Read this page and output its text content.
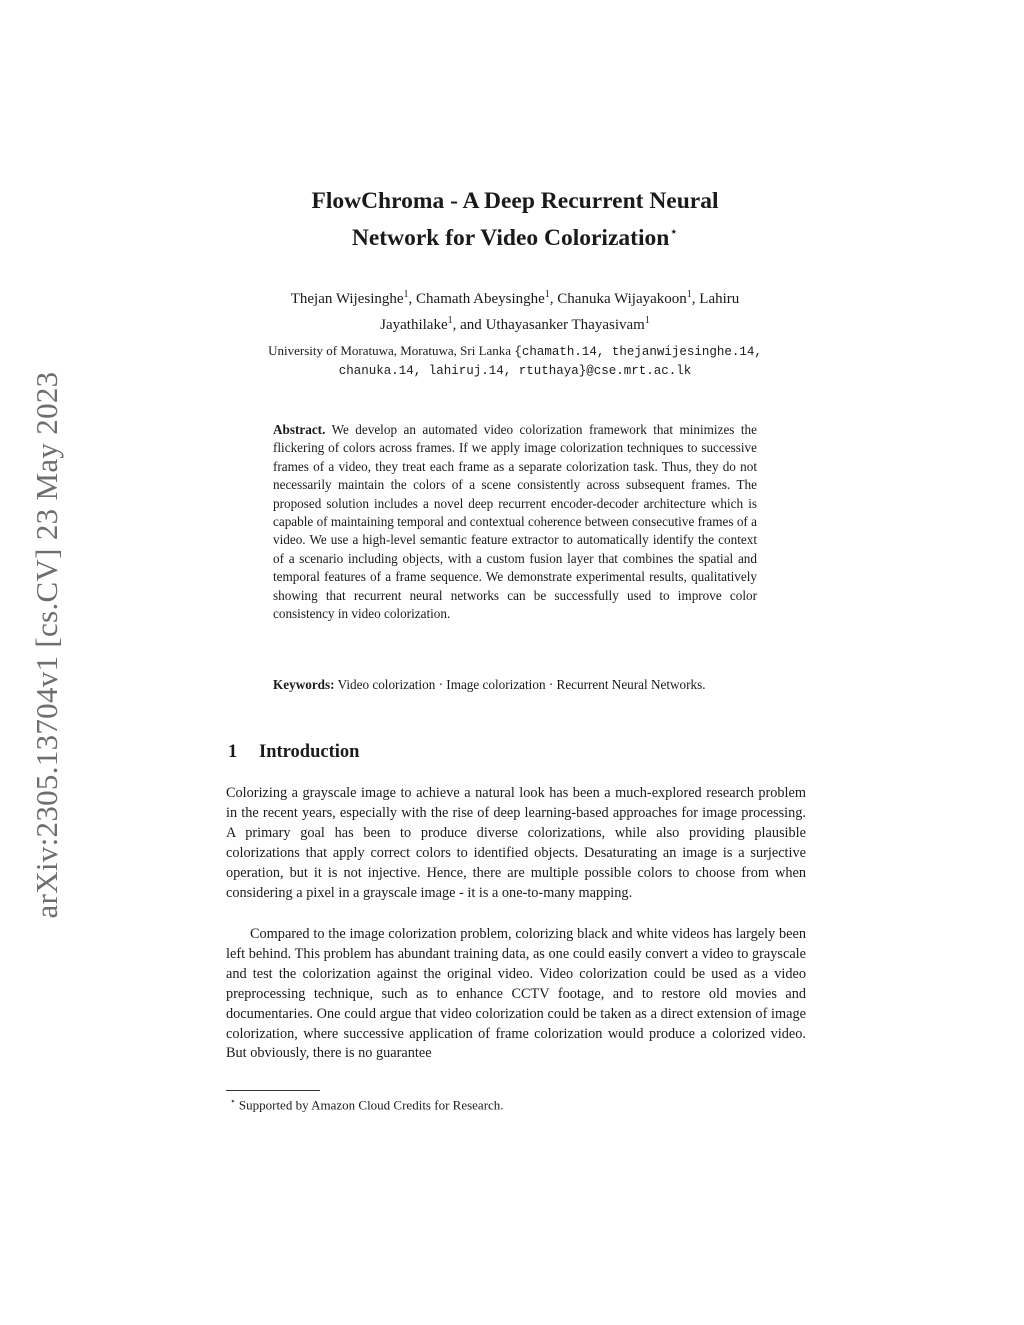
arXiv:2305.13704v1 [cs.CV] 23 May 2023
FlowChroma - A Deep Recurrent Neural
Network for Video Colorization⋆
Thejan Wijesinghe$^1$, Chamath Abeysinghe$^1$, Chanuka Wijayakoon$^1$, Lahiru
Jayathilake$^1$, and Uthayasanker Thayasivam$^1$
University of Moratuwa, Moratuwa, Sri Lanka {chamath.14, thejanwijesinghe.14,
chanuka.14, lahiruj.14, rtuthaya}@cse.mrt.ac.lk
Abstract. We develop an automated video colorization framework that minimizes the flickering of colors across frames. If we apply image colorization techniques to successive frames of a video, they treat each frame as a separate colorization task. Thus, they do not necessarily maintain the colors of a scene consistently across subsequent frames. The proposed solution includes a novel deep recurrent encoder-decoder architecture which is capable of maintaining temporal and contextual coherence between consecutive frames of a video. We use a high-level semantic feature extractor to automatically identify the context of a scenario including objects, with a custom fusion layer that combines the spatial and temporal features of a frame sequence. We demonstrate experimental results, qualitatively showing that recurrent neural networks can be successfully used to improve color consistency in video colorization.
Keywords: Video colorization · Image colorization · Recurrent Neural Networks.
1 Introduction
Colorizing a grayscale image to achieve a natural look has been a much-explored research problem in the recent years, especially with the rise of deep learning-based approaches for image processing. A primary goal has been to produce diverse colorizations, while also providing plausible colorizations that apply correct colors to identified objects. Desaturating an image is a surjective operation, but it is not injective. Hence, there are multiple possible colors to choose from when considering a pixel in a grayscale image - it is a one-to-many mapping.
Compared to the image colorization problem, colorizing black and white videos has largely been left behind. This problem has abundant training data, as one could easily convert a video to grayscale and test the colorization against the original video. Video colorization could be used as a video preprocessing technique, such as to enhance CCTV footage, and to restore old movies and documentaries. One could argue that video colorization could be taken as a direct extension of image colorization, where successive application of frame colorization would produce a colorized video. But obviously, there is no guarantee
⋆ Supported by Amazon Cloud Credits for Research.
